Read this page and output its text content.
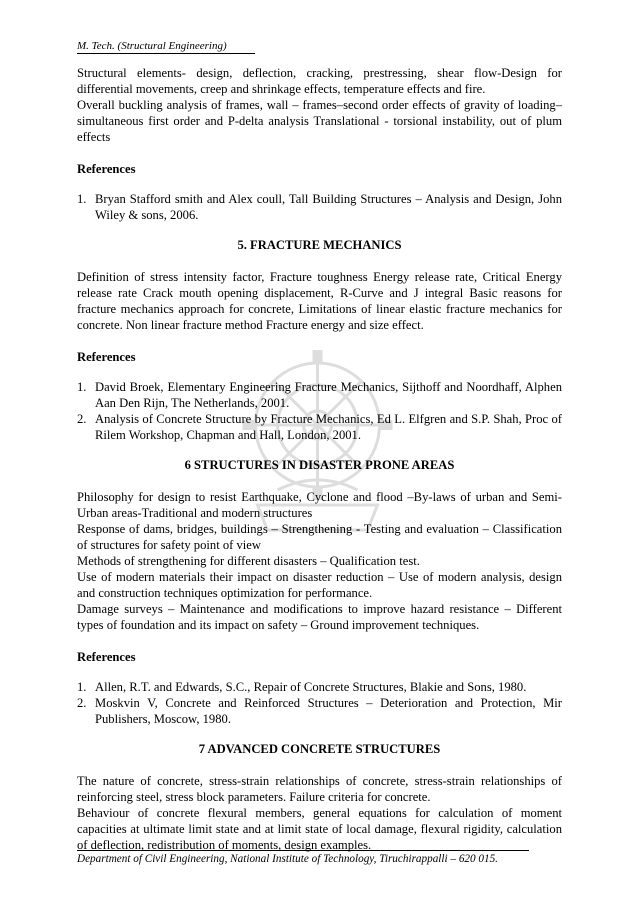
M. Tech. (Structural Engineering)

Structural elements- design, deflection, cracking, prestressing, shear flow-Design for differential movements, creep and shrinkage effects, temperature effects and fire.

Overall buckling analysis of frames, wall – frames–second order effects of gravity of loading– simultaneous first order and P-delta analysis Translational - torsional instability, out of plum effects

References

1. Bryan Stafford smith and Alex coull, Tall Building Structures – Analysis and Design, John Wiley & sons, 2006.

5. FRACTURE MECHANICS

Definition of stress intensity factor, Fracture toughness Energy release rate, Critical Energy release rate Crack mouth opening displacement, R-Curve and J integral Basic reasons for fracture mechanics approach for concrete, Limitations of linear elastic fracture mechanics for concrete. Non linear fracture method Fracture energy and size effect.

References

1. David Broek, Elementary Engineering Fracture Mechanics, Sijthoff and Noordhaff, Alphen Aan Den Rijn, The Netherlands, 2001.
2. Analysis of Concrete Structure by Fracture Mechanics, Ed L. Elfgren and S.P. Shah, Proc of Rilem Workshop, Chapman and Hall, London, 2001.

6 STRUCTURES IN DISASTER PRONE AREAS

Philosophy for design to resist Earthquake, Cyclone and flood –By-laws of urban and Semi-Urban areas-Traditional and modern structures

Response of dams, bridges, buildings – Strengthening - Testing and evaluation – Classification of structures for safety point of view

Methods of strengthening for different disasters – Qualification test.

Use of modern materials their impact on disaster reduction – Use of modern analysis, design and construction techniques optimization for performance.

Damage surveys – Maintenance and modifications to improve hazard resistance – Different types of foundation and its impact on safety – Ground improvement techniques.

References

1. Allen, R.T. and Edwards, S.C., Repair of Concrete Structures, Blakie and Sons, 1980.
2. Moskvin V, Concrete and Reinforced Structures – Deterioration and Protection, Mir Publishers, Moscow, 1980.

7 ADVANCED CONCRETE STRUCTURES

The nature of concrete, stress-strain relationships of concrete, stress-strain relationships of reinforcing steel, stress block parameters. Failure criteria for concrete.

Behaviour of concrete flexural members, general equations for calculation of moment capacities at ultimate limit state and at limit state of local damage, flexural rigidity, calculation of deflection, redistribution of moments, design examples.

Department of Civil Engineering, National Institute of Technology, Tiruchirappalli – 620 015.
